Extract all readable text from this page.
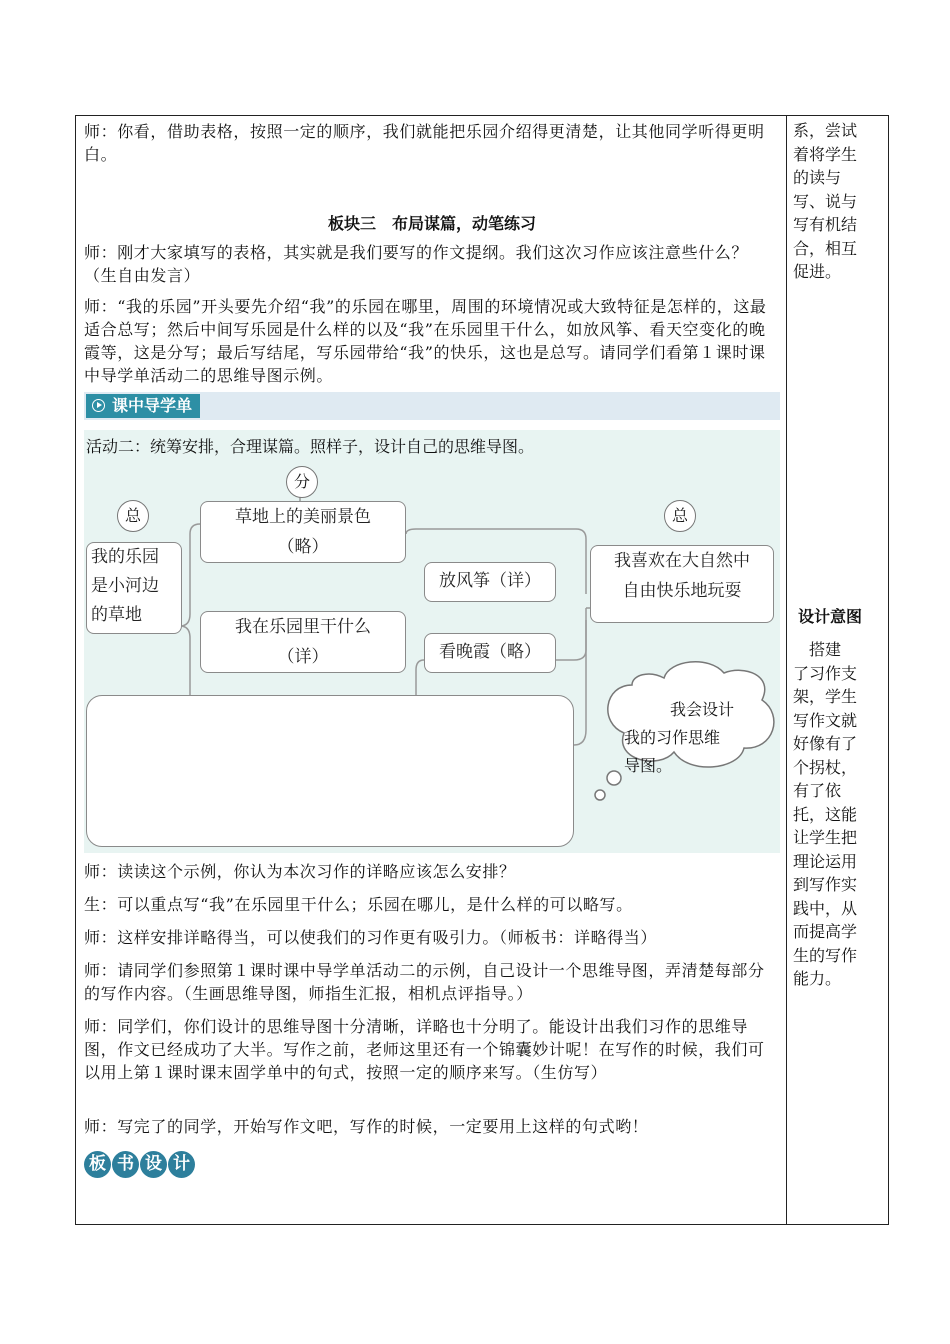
师：你看，借助表格，按照一定的顺序，我们就能把乐园介绍得更清楚，让其他同学听得更明白。

板块三　布局谋篇，动笔练习

师：刚才大家填写的表格，其实就是我们要写的作文提纲。我们这次习作应该注意些什么？（生自由发言）

师：“我的乐园”开头要先介绍“我”的乐园在哪里，周围的环境情况或大致特征是怎样的，这最适合总写；然后中间写乐园是什么样的以及“我”在乐园里干什么，如放风筝、看天空变化的晚霞等，这是分写；最后写结尾，写乐园带给“我”的快乐，这也是总写。请同学们看第１课时课中导学单活动二的思维导图示例。

课中导学单
活动二：统筹安排，合理谋篇。照样子，设计自己的思维导图。
总
分
总
我的乐园
是小河边
的草地
草地上的美丽景色
（略）
我在乐园里干什么
（详）
放风筝（详）
看晚霞（略）
我喜欢在大自然中
自由快乐地玩耍
我会设计
我的习作思维
导图。

师：读读这个示例，你认为本次习作的详略应该怎么安排？

生：可以重点写“我”在乐园里干什么；乐园在哪儿，是什么样的可以略写。

师：这样安排详略得当，可以使我们的习作更有吸引力。（师板书：详略得当）

师：请同学们参照第１课时课中导学单活动二的示例，自己设计一个思维导图，弄清楚每部分的写作内容。（生画思维导图，师指生汇报，相机点评指导。）

师：同学们，你们设计的思维导图十分清晰，详略也十分明了。能设计出我们习作的思维导图，作文已经成功了大半。写作之前，老师这里还有一个锦囊妙计呢！在写作的时候，我们可以用上第１课时课末固学单中的句式，按照一定的顺序来写。（生仿写）

师：写完了的同学，开始写作文吧，写作的时候，一定要用上这样的句式哟！

板 书 设 计
系，尝试
着将学生
的读与
写、说与
写有机结
合，相互
促进。
设计意图
　搭建
了习作支
架，学生
写作文就
好像有了
个拐杖，
有了依
托，这能
让学生把
理论运用
到写作实
践中，从
而提高学
生的写作
能力。
